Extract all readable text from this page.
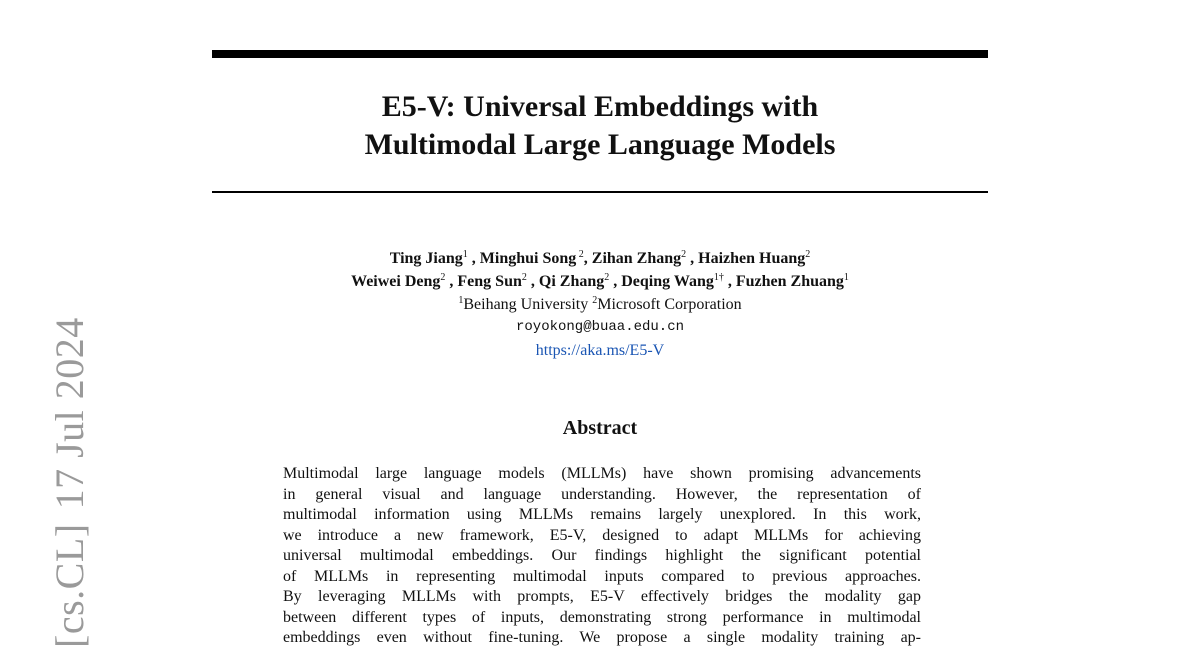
[cs.CL]17 Jul 2024
E5-V: Universal Embeddings with
Multimodal Large Language Models
Ting Jiang$^1$ , Minghui Song $^2$, Zihan Zhang$^2$ , Haizhen Huang$^2$
Weiwei Deng$^2$ , Feng Sun$^2$ , Qi Zhang$^2$ , Deqing Wang$^{1\dagger}$ , Fuzhen Zhuang$^1$
$^1$Beihang University $^2$Microsoft Corporation
royokong@buaa.edu.cn
https://aka.ms/E5-V
Abstract
Multimodal large language models (MLLMs) have shown promising advancements
in general visual and language understanding. However, the representation of
multimodal information using MLLMs remains largely unexplored. In this work,
we introduce a new framework, E5-V, designed to adapt MLLMs for achieving
universal multimodal embeddings. Our findings highlight the significant potential
of MLLMs in representing multimodal inputs compared to previous approaches.
By leveraging MLLMs with prompts, E5-V effectively bridges the modality gap
between different types of inputs, demonstrating strong performance in multimodal
embeddings even without fine-tuning. We propose a single modality training ap-
